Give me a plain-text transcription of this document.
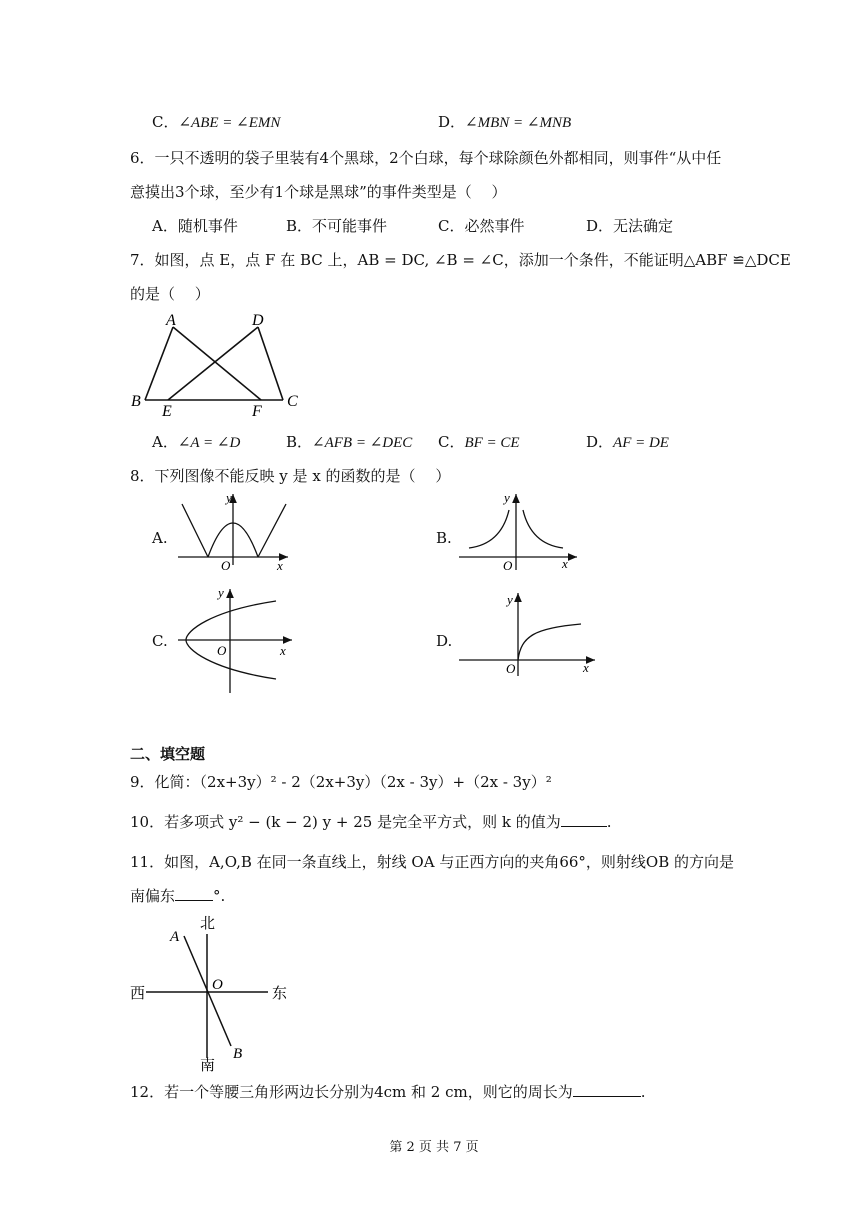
C．∠ABE = ∠EMN	D．∠MBN = ∠MNB
6．一只不透明的袋子里装有4个黑球，2个白球，每个球除颜色外都相同，则事件“从中任
意摸出3个球，至少有1个球是黑球”的事件类型是（　 ）
A．随机事件	B．不可能事件	C．必然事件	D．无法确定
7．如图，点 E，点 F 在 BC 上，AB = DC, ∠B = ∠C，添加一个条件，不能证明△ABF ≌△DCE
的是（　 ）
A	D
B
E	F
C
A．∠A = ∠D	B．∠AFB = ∠DEC C．BF = CE	D．AF = DE
8．下列图像不能反映 y 是 x 的函数的是（　 ）
A.
y
x
O
B.
y
x
O
C.
y
x
O
D.
y
x
O
二、填空题
9．化简：（2x+3y）² - 2（2x+3y）（2x - 3y）+（2x - 3y）²
10．若多项式 y² − (k − 2) y + 25 是完全平方式，则 k 的值为	.
11．如图，A,O,B 在同一条直线上，射线 OA 与正西方向的夹角66°，则射线OB 的方向是
南偏东	°.
北
南
西	东
A
O
B
12．若一个等腰三角形两边长分别为4cm 和 2 cm，则它的周长为	.
第 2 页 共 7 页
